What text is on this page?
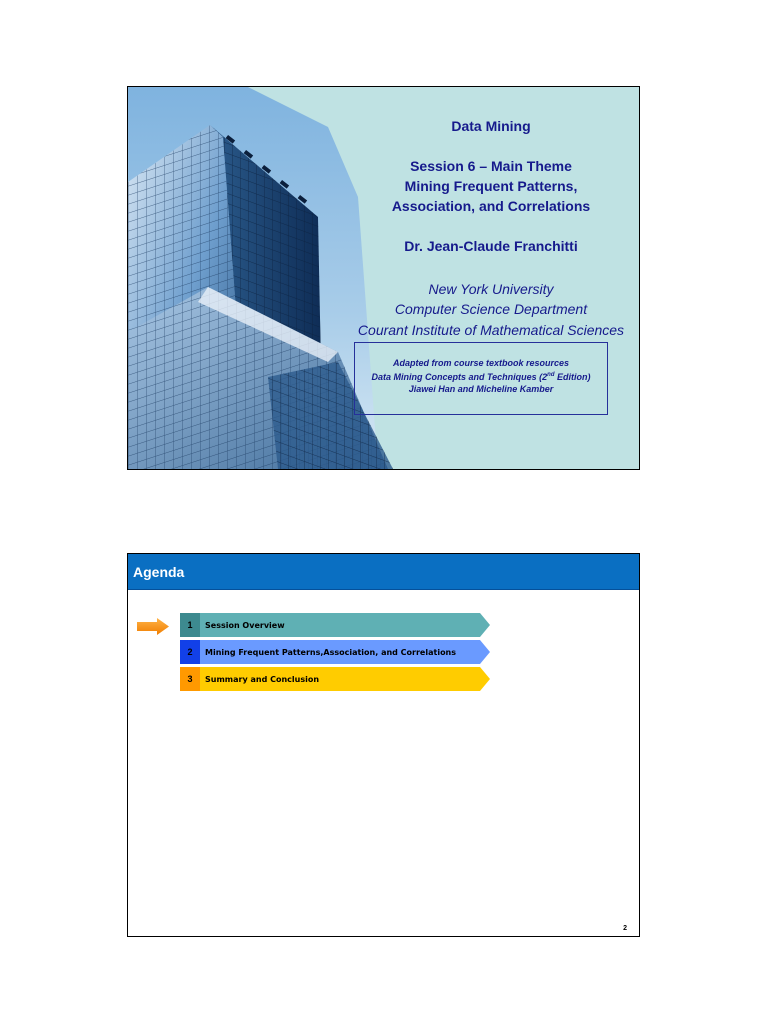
Data Mining
Session 6 – Main Theme
Mining Frequent Patterns,
Association, and Correlations
Dr. Jean-Claude Franchitti
New York University
Computer Science Department
Courant Institute of Mathematical Sciences
Adapted from course textbook resources
Data Mining Concepts and Techniques (2nd Edition)
Jiawei Han and Micheline Kamber
Agenda
1	Session Overview
2	Mining Frequent Patterns, Association, and Correlations
3	Summary and Conclusion
2
